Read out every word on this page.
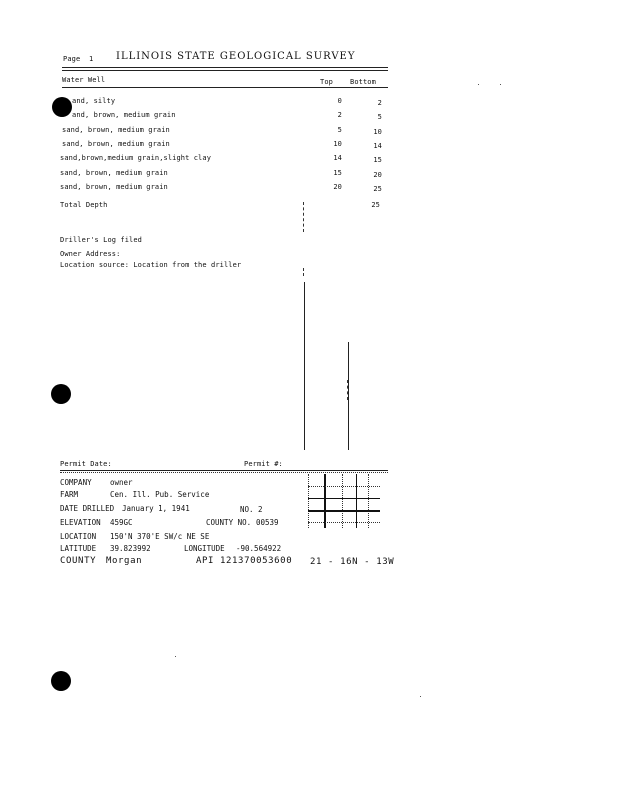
Page 1 ILLINOIS STATE GEOLOGICAL SURVEY
Water Well	Top Bottom
and, silty	0	2
and, brown, medium grain	2	5
sand, brown, medium grain	5	10
sand, brown, medium grain	10	14
sand,brown,medium grain,slight clay	14	15
sand, brown, medium grain	15	20
sand, brown, medium grain	20	25
Total Depth	25
Driller's Log filed
Owner Address:
Location source: Location from the driller
Permit Date:	Permit #:
COMPANY owner
FARM	Cen. Ill. Pub. Service
DATE DRILLED January 1, 1941	NO. 2
ELEVATION 459GC	COUNTY NO. 00539
LOCATION 150'N 370'E SW/c NE SE
LATITUDE 39.823992	LONGITUDE -90.564922
COUNTY Morgan	API 121370053600 21 - 16N - 13W
